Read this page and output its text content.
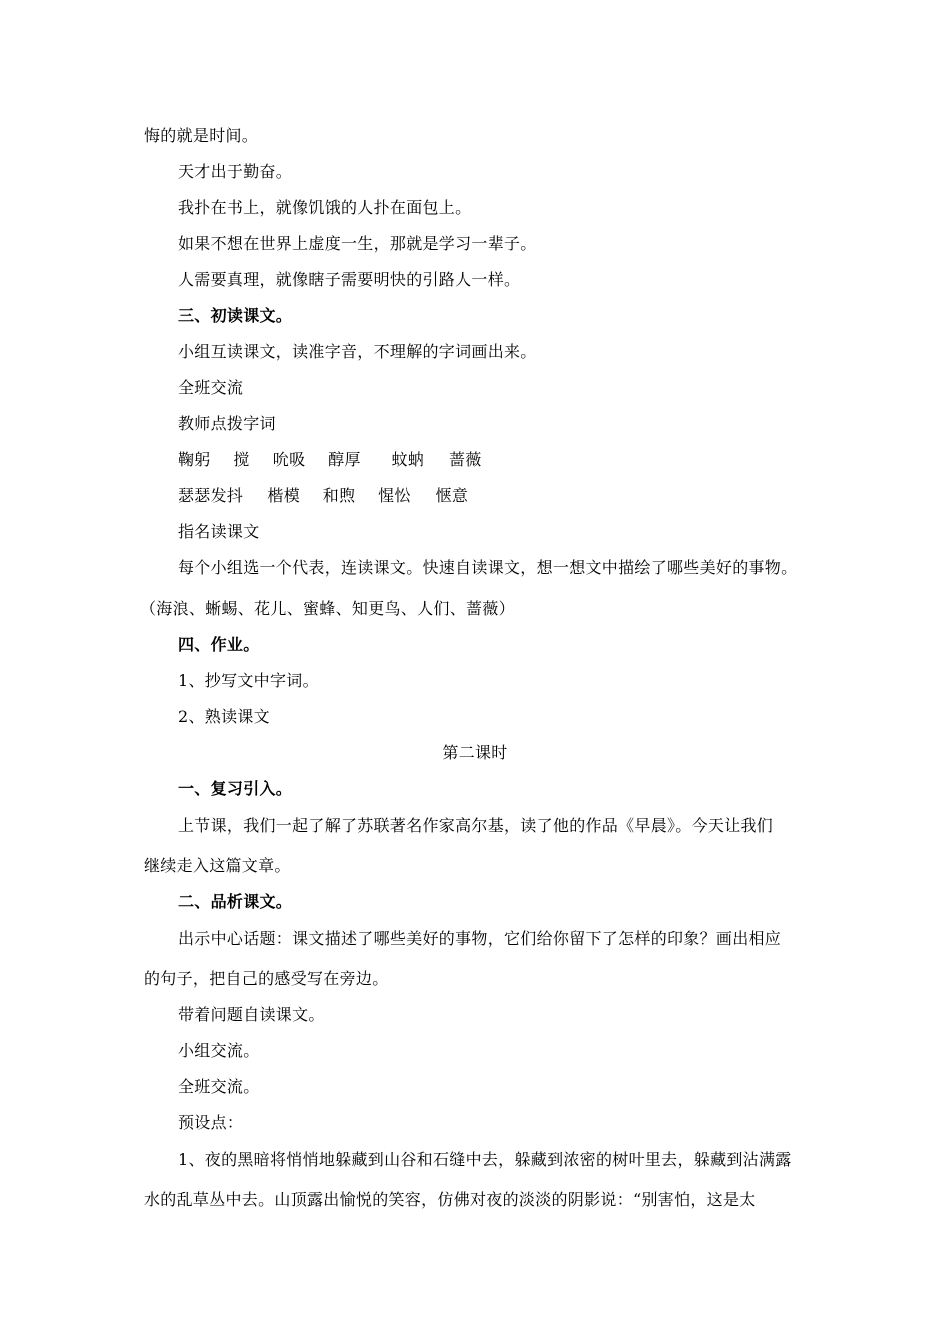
悔的就是时间。
天才出于勤奋。
我扑在书上，就像饥饿的人扑在面包上。
如果不想在世界上虚度一生，那就是学习一辈子。
人需要真理，就像瞎子需要明快的引路人一样。
三、初读课文。
小组互读课文，读准字音，不理解的字词画出来。
全班交流
教师点拨字词
鞠躬 搅 吮吸 醇厚 蚊蚋 蔷薇
瑟瑟发抖 楷模 和煦 惺忪 惬意
指名读课文
每个小组选一个代表，连读课文。快速自读课文，想一想文中描绘了哪些美好的事物。
（海浪、蜥蜴、花儿、蜜蜂、知更鸟、人们、蔷薇）
四、作业。
1、抄写文中字词。
2、熟读课文
第二课时
一、复习引入。
上节课，我们一起了解了苏联著名作家高尔基，读了他的作品《早晨》。今天让我们
继续走入这篇文章。
二、品析课文。
出示中心话题：课文描述了哪些美好的事物，它们给你留下了怎样的印象？画出相应
的句子，把自己的感受写在旁边。
带着问题自读课文。
小组交流。
全班交流。
预设点：
1、夜的黑暗将悄悄地躲藏到山谷和石缝中去，躲藏到浓密的树叶里去，躲藏到沾满露
水的乱草丛中去。山顶露出愉悦的笑容，仿佛对夜的淡淡的阴影说：“别害怕，这是太
